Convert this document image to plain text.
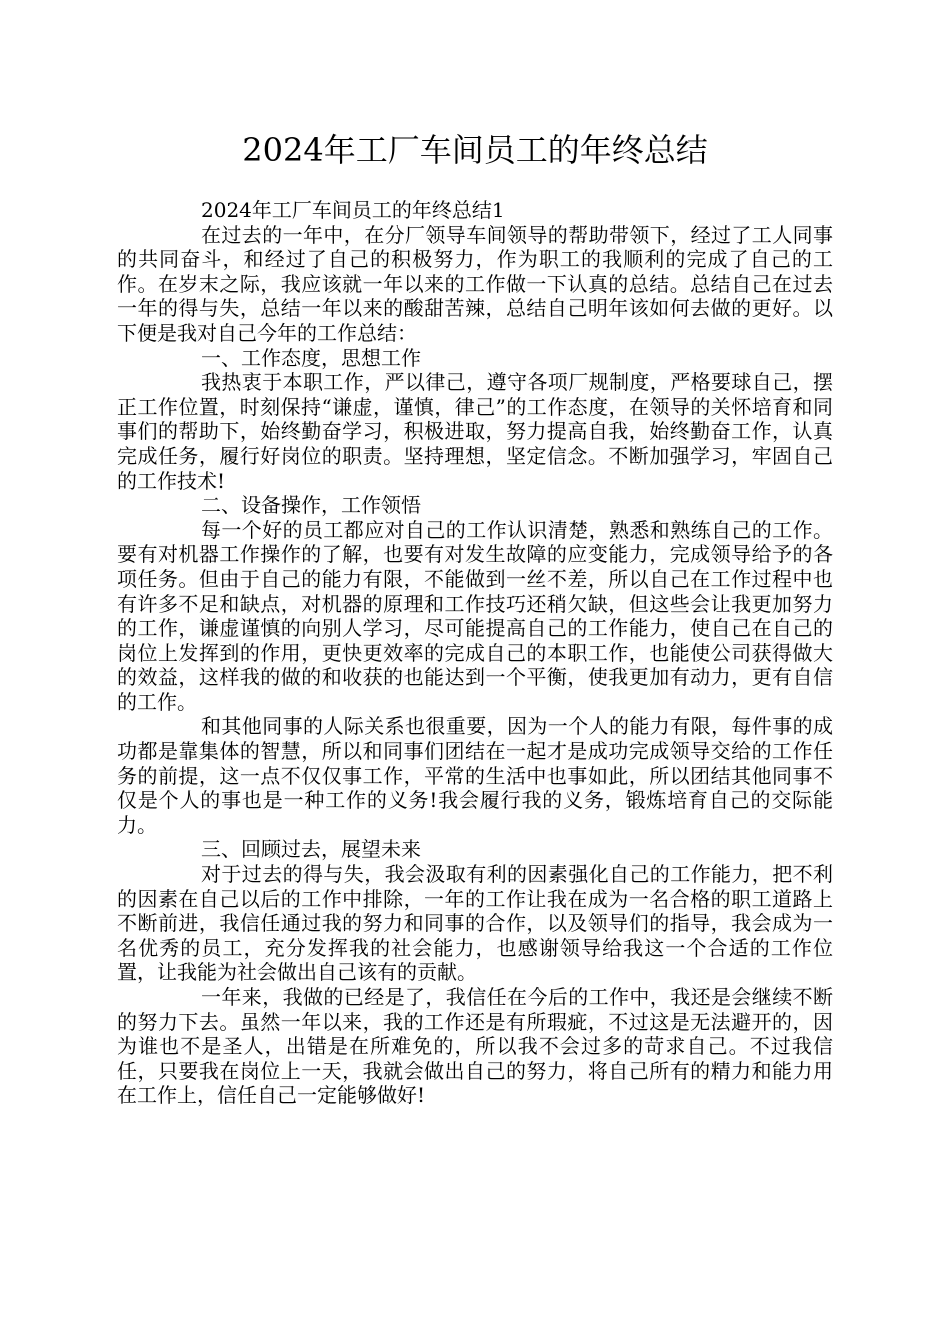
2024年工厂车间员工的年终总结

2024年工厂车间员工的年终总结1

在过去的一年中，在分厂领导车间领导的帮助带领下，经过了工人同事的共同奋斗，和经过了自己的积极努力，作为职工的我顺利的完成了自己的工作。在岁末之际，我应该就一年以来的工作做一下认真的总结。总结自己在过去一年的得与失，总结一年以来的酸甜苦辣，总结自己明年该如何去做的更好。以下便是我对自己今年的工作总结：

一、工作态度，思想工作

我热衷于本职工作，严以律己，遵守各项厂规制度，严格要球自己，摆正工作位置，时刻保持“谦虚，谨慎，律己”的工作态度，在领导的关怀培育和同事们的帮助下，始终勤奋学习，积极进取，努力提高自我，始终勤奋工作，认真完成任务，履行好岗位的职责。坚持理想，坚定信念。不断加强学习，牢固自己的工作技术!

二、设备操作，工作领悟

每一个好的员工都应对自己的工作认识清楚，熟悉和熟练自己的工作。要有对机器工作操作的了解，也要有对发生故障的应变能力，完成领导给予的各项任务。但由于自己的能力有限，不能做到一丝不差，所以自己在工作过程中也有许多不足和缺点，对机器的原理和工作技巧还稍欠缺，但这些会让我更加努力的工作，谦虚谨慎的向别人学习，尽可能提高自己的工作能力，使自己在自己的岗位上发挥到的作用，更快更效率的完成自己的本职工作，也能使公司获得做大的效益，这样我的做的和收获的也能达到一个平衡，使我更加有动力，更有自信的工作。

和其他同事的人际关系也很重要，因为一个人的能力有限，每件事的成功都是靠集体的智慧，所以和同事们团结在一起才是成功完成领导交给的工作任务的前提，这一点不仅仅事工作，平常的生活中也事如此，所以团结其他同事不仅是个人的事也是一种工作的义务!我会履行我的义务，锻炼培育自己的交际能力。

三、回顾过去，展望未来

对于过去的得与失，我会汲取有利的因素强化自己的工作能力，把不利的因素在自己以后的工作中排除，一年的工作让我在成为一名合格的职工道路上不断前进，我信任通过我的努力和同事的合作，以及领导们的指导，我会成为一名优秀的员工，充分发挥我的社会能力，也感谢领导给我这一个合适的工作位置，让我能为社会做出自己该有的贡献。

一年来，我做的已经是了，我信任在今后的工作中，我还是会继续不断的努力下去。虽然一年以来，我的工作还是有所瑕疵，不过这是无法避开的，因为谁也不是圣人，出错是在所难免的，所以我不会过多的苛求自己。不过我信任，只要我在岗位上一天，我就会做出自己的努力，将自己所有的精力和能力用在工作上，信任自己一定能够做好!
